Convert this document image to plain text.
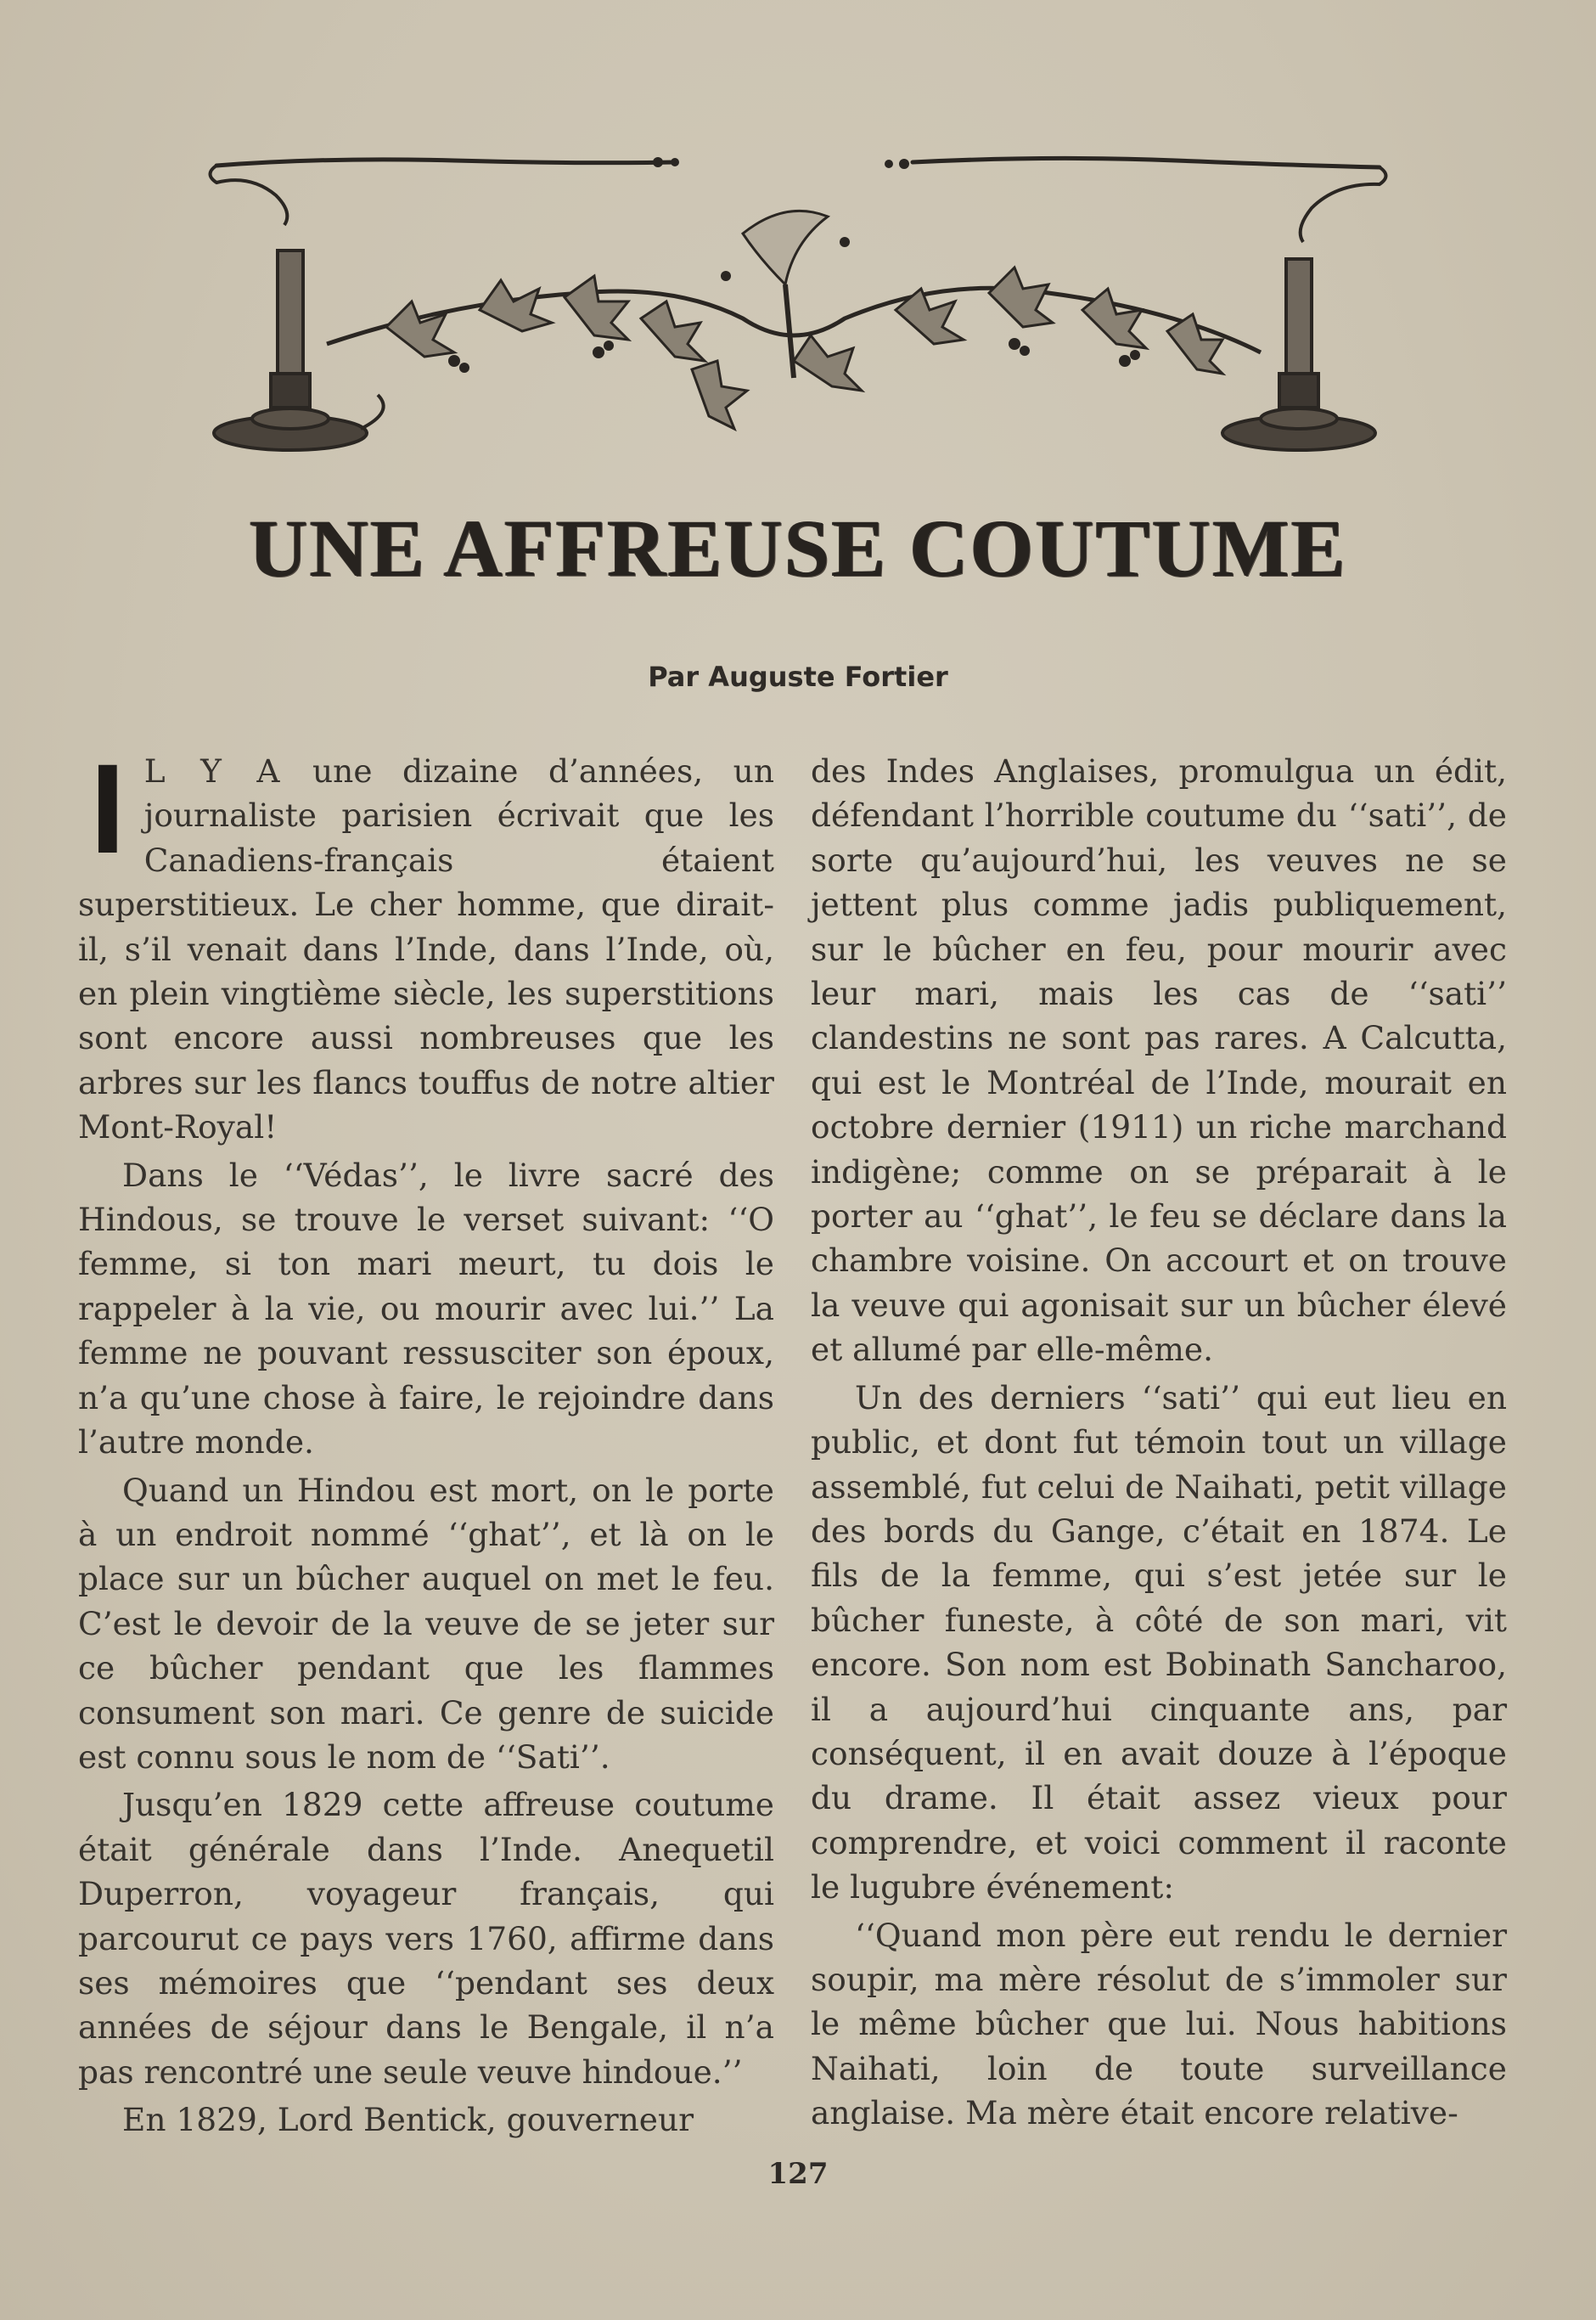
UNE AFFREUSE COUTUME
Par Auguste Fortier

I L Y A une dizaine d’années, un journaliste parisien écrivait que les Canadiens-français étaient superstitieux. Le cher homme, que dirait-il, s’il venait dans l’Inde, dans l’Inde, où, en plein vingtième siècle, les superstitions sont encore aussi nombreuses que les arbres sur les flancs touffus de notre altier Mont-Royal!

Dans le ‘‘Védas’’, le livre sacré des Hindous, se trouve le verset suivant: ‘‘O femme, si ton mari meurt, tu dois le rappeler à la vie, ou mourir avec lui.’’ La femme ne pouvant ressusciter son époux, n’a qu’une chose à faire, le rejoindre dans l’autre monde.

Quand un Hindou est mort, on le porte à un endroit nommé ‘‘ghat’’, et là on le place sur un bûcher auquel on met le feu. C’est le devoir de la veuve de se jeter sur ce bûcher pendant que les flammes consument son mari. Ce genre de suicide est connu sous le nom de ‘‘Sati’’.

Jusqu’en 1829 cette affreuse coutume était générale dans l’Inde. Anequetil Duperron, voyageur français, qui parcourut ce pays vers 1760, affirme dans ses mémoires que ‘‘pendant ses deux années de séjour dans le Bengale, il n’a pas rencontré une seule veuve hindoue.’’

En 1829, Lord Bentick, gouverneur

des Indes Anglaises, promulgua un édit, défendant l’horrible coutume du ‘‘sati’’, de sorte qu’aujourd’hui, les veuves ne se jettent plus comme jadis publiquement, sur le bûcher en feu, pour mourir avec leur mari, mais les cas de ‘‘sati’’ clandestins ne sont pas rares. A Calcutta, qui est le Montréal de l’Inde, mourait en octobre dernier (1911) un riche marchand indigène; comme on se préparait à le porter au ‘‘ghat’’, le feu se déclare dans la chambre voisine. On accourt et on trouve la veuve qui agonisait sur un bûcher élevé et allumé par elle-même.

Un des derniers ‘‘sati’’ qui eut lieu en public, et dont fut témoin tout un village assemblé, fut celui de Naihati, petit village des bords du Gange, c’était en 1874. Le fils de la femme, qui s’est jetée sur le bûcher funeste, à côté de son mari, vit encore. Son nom est Bobinath Sancharoo, il a aujourd’hui cinquante ans, par conséquent, il en avait douze à l’époque du drame. Il était assez vieux pour comprendre, et voici comment il raconte le lugubre événement:

‘‘Quand mon père eut rendu le dernier soupir, ma mère résolut de s’immoler sur le même bûcher que lui. Nous habitions Naihati, loin de toute surveillance anglaise. Ma mère était encore relative-

127
